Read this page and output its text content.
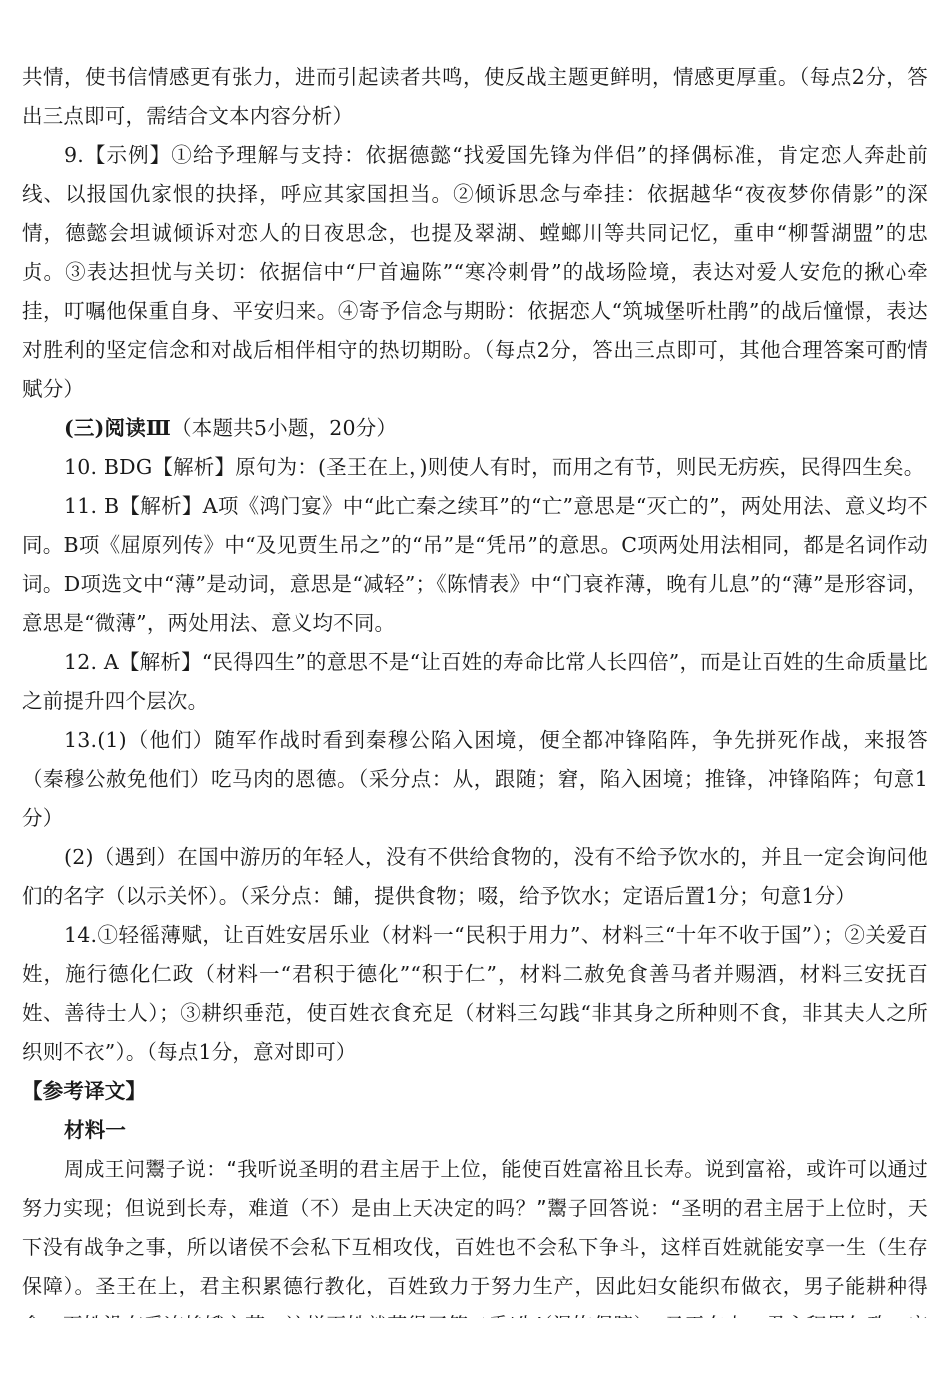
共情，使书信情感更有张力，进而引起读者共鸣，使反战主题更鲜明，情感更厚重。（每点2分，答出三点即可，需结合文本内容分析）

9.【示例】①给予理解与支持：依据德懿“找爱国先锋为伴侣”的择偶标准，肯定恋人奔赴前线、以报国仇家恨的抉择，呼应其家国担当。②倾诉思念与牵挂：依据越华“夜夜梦你倩影”的深情，德懿会坦诚倾诉对恋人的日夜思念，也提及翠湖、螳螂川等共同记忆，重申“柳誓湖盟”的忠贞。③表达担忧与关切：依据信中“尸首遍陈”“寒冷刺骨”的战场险境，表达对爱人安危的揪心牵挂，叮嘱他保重自身、平安归来。④寄予信念与期盼：依据恋人“筑城堡听杜鹃”的战后憧憬，表达对胜利的坚定信念和对战后相伴相守的热切期盼。（每点2分，答出三点即可，其他合理答案可酌情赋分）

(三)阅读Ⅲ（本题共5小题，20分）

10. BDG【解析】原句为：(圣王在上，)则使人有时，而用之有节，则民无疠疾，民得四生矣。

11. B【解析】A项《鸿门宴》中“此亡秦之续耳”的“亡”意思是“灭亡的”，两处用法、意义均不同。B项《屈原列传》中“及见贾生吊之”的“吊”是“凭吊”的意思。C项两处用法相同，都是名词作动词。D项选文中“薄”是动词，意思是“减轻”；《陈情表》中“门衰祚薄，晚有儿息”的“薄”是形容词，意思是“微薄”，两处用法、意义均不同。

12. A【解析】“民得四生”的意思不是“让百姓的寿命比常人长四倍”，而是让百姓的生命质量比之前提升四个层次。

13.(1)（他们）随军作战时看到秦穆公陷入困境，便全都冲锋陷阵，争先拼死作战，来报答（秦穆公赦免他们）吃马肉的恩德。（采分点：从，跟随；窘，陷入困境；推锋，冲锋陷阵；句意1分）

(2)（遇到）在国中游历的年轻人，没有不供给食物的，没有不给予饮水的，并且一定会询问他们的名字（以示关怀）。（采分点：餔，提供食物；啜，给予饮水；定语后置1分；句意1分）

14.①轻徭薄赋，让百姓安居乐业（材料一“民积于用力”、材料三“十年不收于国”）；②关爱百姓，施行德化仁政（材料一“君积于德化”“积于仁”，材料二赦免食善马者并赐酒，材料三安抚百姓、善待士人）；③耕织垂范，使百姓衣食充足（材料三勾践“非其身之所种则不食，非其夫人之所织则不衣”）。（每点1分，意对即可）

【参考译文】

材料一

周成王问鬻子说：“我听说圣明的君主居于上位，能使百姓富裕且长寿。说到富裕，或许可以通过努力实现；但说到长寿，难道（不）是由上天决定的吗？”鬻子回答说：“圣明的君主居于上位时，天下没有战争之事，所以诸侯不会私下互相攻伐，百姓也不会私下争斗，这样百姓就能安享一生（生存保障）。圣王在上，君主积累德行教化，百姓致力于努力生产，因此妇女能织布做衣，男子能耕种得
